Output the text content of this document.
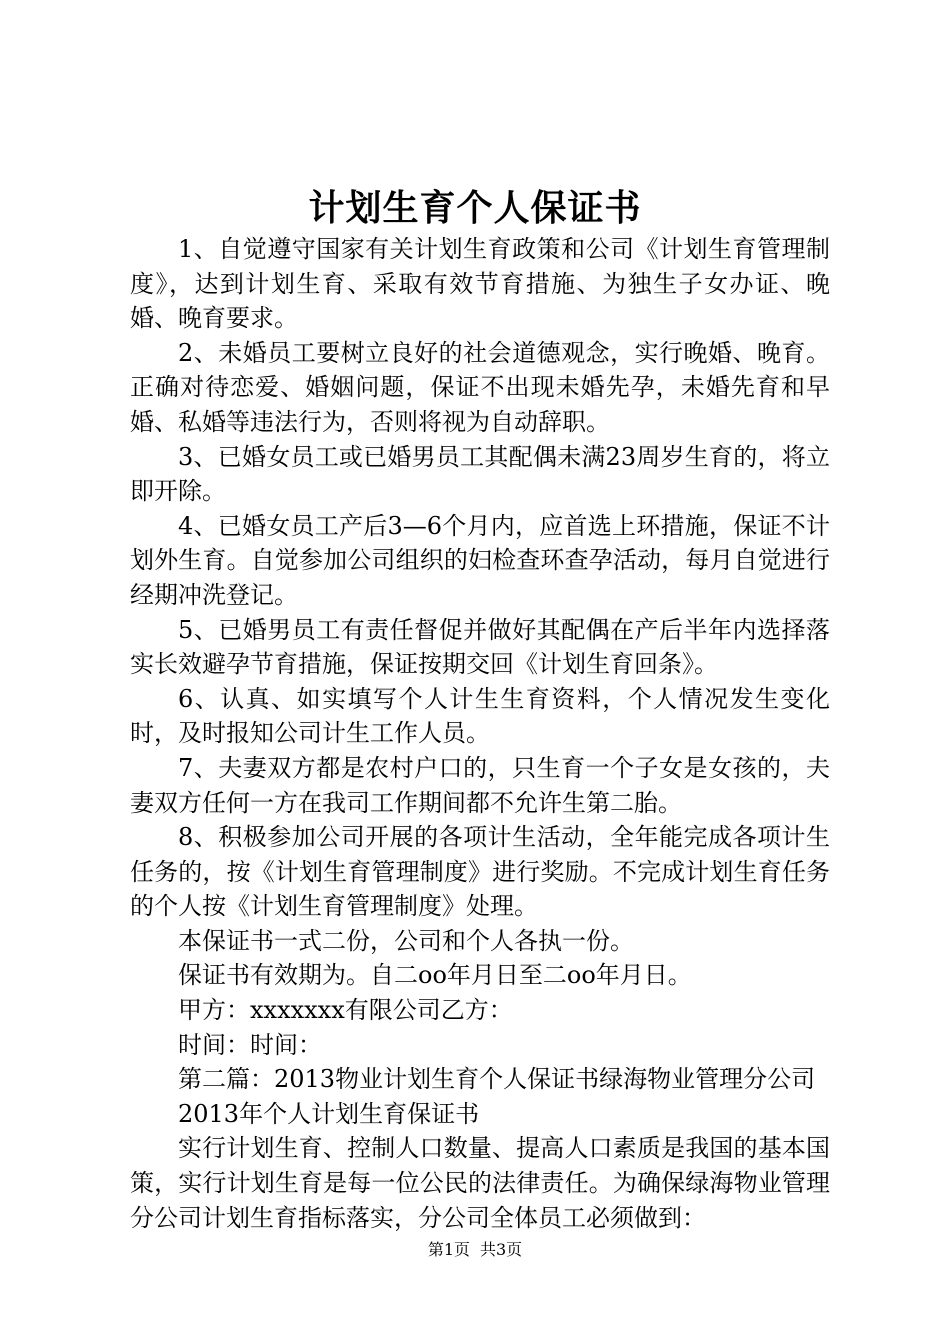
计划生育个人保证书

1、自觉遵守国家有关计划生育政策和公司《计划生育管理制度》，达到计划生育、采取有效节育措施、为独生子女办证、晚婚、晚育要求。

2、未婚员工要树立良好的社会道德观念，实行晚婚、晚育。正确对待恋爱、婚姻问题，保证不出现未婚先孕，未婚先育和早婚、私婚等违法行为，否则将视为自动辞职。

3、已婚女员工或已婚男员工其配偶未满23周岁生育的，将立即开除。

4、已婚女员工产后3—6个月内，应首选上环措施，保证不计划外生育。自觉参加公司组织的妇检查环查孕活动，每月自觉进行经期冲洗登记。

5、已婚男员工有责任督促并做好其配偶在产后半年内选择落实长效避孕节育措施，保证按期交回《计划生育回条》。

6、认真、如实填写个人计生生育资料，个人情况发生变化时，及时报知公司计生工作人员。

7、夫妻双方都是农村户口的，只生育一个子女是女孩的，夫妻双方任何一方在我司工作期间都不允许生第二胎。

8、积极参加公司开展的各项计生活动，全年能完成各项计生任务的，按《计划生育管理制度》进行奖励。不完成计划生育任务的个人按《计划生育管理制度》处理。

本保证书一式二份，公司和个人各执一份。

保证书有效期为。自二oo年月日至二oo年月日。

甲方：xxxxxxx有限公司乙方：

时间：时间：

第二篇：2013物业计划生育个人保证书绿海物业管理分公司

2013年个人计划生育保证书

实行计划生育、控制人口数量、提高人口素质是我国的基本国策，实行计划生育是每一位公民的法律责任。为确保绿海物业管理分公司计划生育指标落实，分公司全体员工必须做到：

第1页 共3页
